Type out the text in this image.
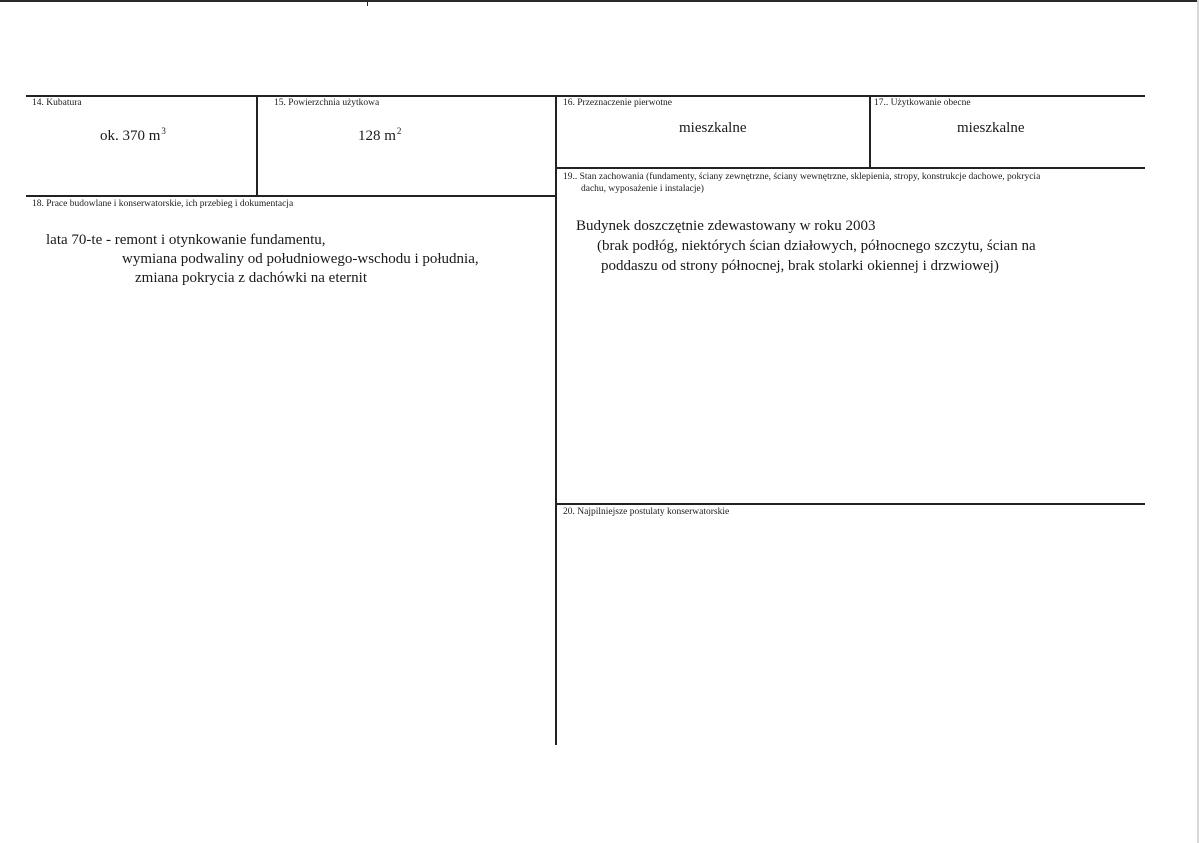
14. Kubatura
ok. 370 $m^3$
15. Powierzchnia użytkowa
128 $m^2$
16. Przeznaczenie pierwotne
mieszkalne
17.. Użytkowanie obecne
mieszkalne
18. Prace budowlane i konserwatorskie, ich przebieg i dokumentacja
lata 70-te - remont i otynkowanie fundamentu,
wymiana podwaliny od południowego-wschodu i południa,
zmiana pokrycia z dachówki na eternit
19.. Stan zachowania (fundamenty, ściany zewnętrzne, ściany wewnętrzne, sklepienia, stropy, konstrukcje dachowe, pokrycia
dachu, wyposażenie i instalacje)
Budynek doszczętnie zdewastowany w roku 2003
(brak podłóg, niektórych ścian działowych, północnego szczytu, ścian na
poddaszu od strony północnej, brak stolarki okiennej i drzwiowej)
20. Najpilniejsze postulaty konserwatorskie
